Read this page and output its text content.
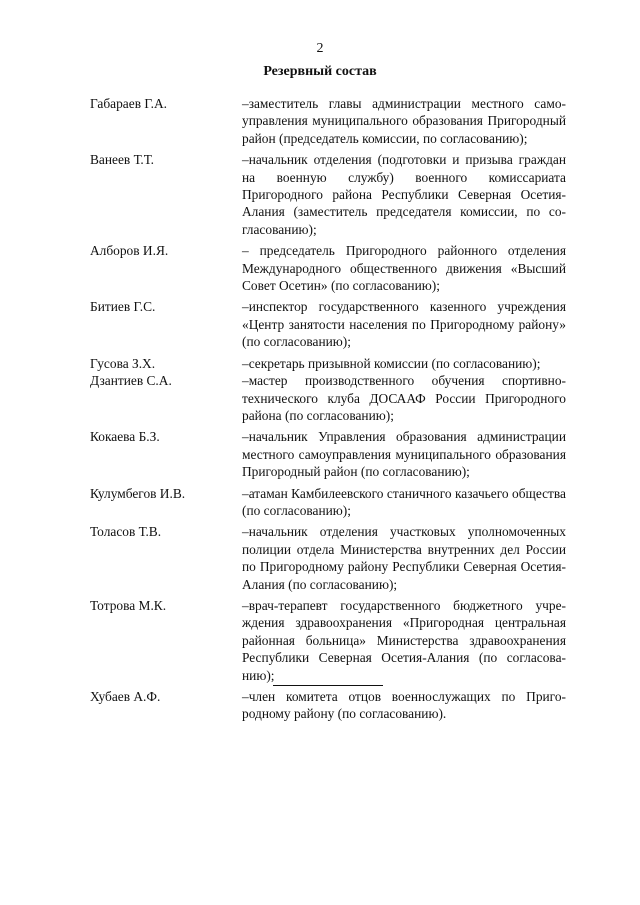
2
Резервный состав
Габараев Г.А.	–заместитель главы администрации местного самоуправления муниципального образования Пригородный район (председатель комиссии, по согласованию);
Ванеев Т.Т.	–начальник отделения (подготовки и призыва граждан на военную службу) военного комиссариата Пригородного района Республики Северная Осетия-Алания (заместитель председателя комиссии, по согласованию);
Алборов И.Я.	– председатель Пригородного районного отделения Международного общественного движения «Высший Совет Осетин» (по согласованию);
Битиев Г.С.	–инспектор государственного казенного учреждения «Центр занятости населения по Пригородному району» (по согласованию);
Гусова З.Х.	–секретарь призывной комиссии (по согласованию);
Дзантиев С.А.	–мастер производственного обучения спортивно-технического клуба ДОСААФ России Пригородного района (по согласованию);
Кокаева Б.З.	–начальник Управления образования администрации местного самоуправления муниципального образования Пригородный район (по согласованию);
Кулумбегов И.В.	–атаман Камбилеевского станичного казачьего общества (по согласованию);
Толасов Т.В.	–начальник отделения участковых уполномоченных полиции отдела Министерства внутренних дел России по Пригородному району Республики Северная Осетия-Алания (по согласованию);
Тотрова М.К.	–врач-терапевт государственного бюджетного учреждения здравоохранения «Пригородная центральная районная больница» Министерства здравоохранения Республики Северная Осетия-Алания (по согласованию);
Хубаев А.Ф.	–член комитета отцов военнослужащих по Пригородному району (по согласованию).
